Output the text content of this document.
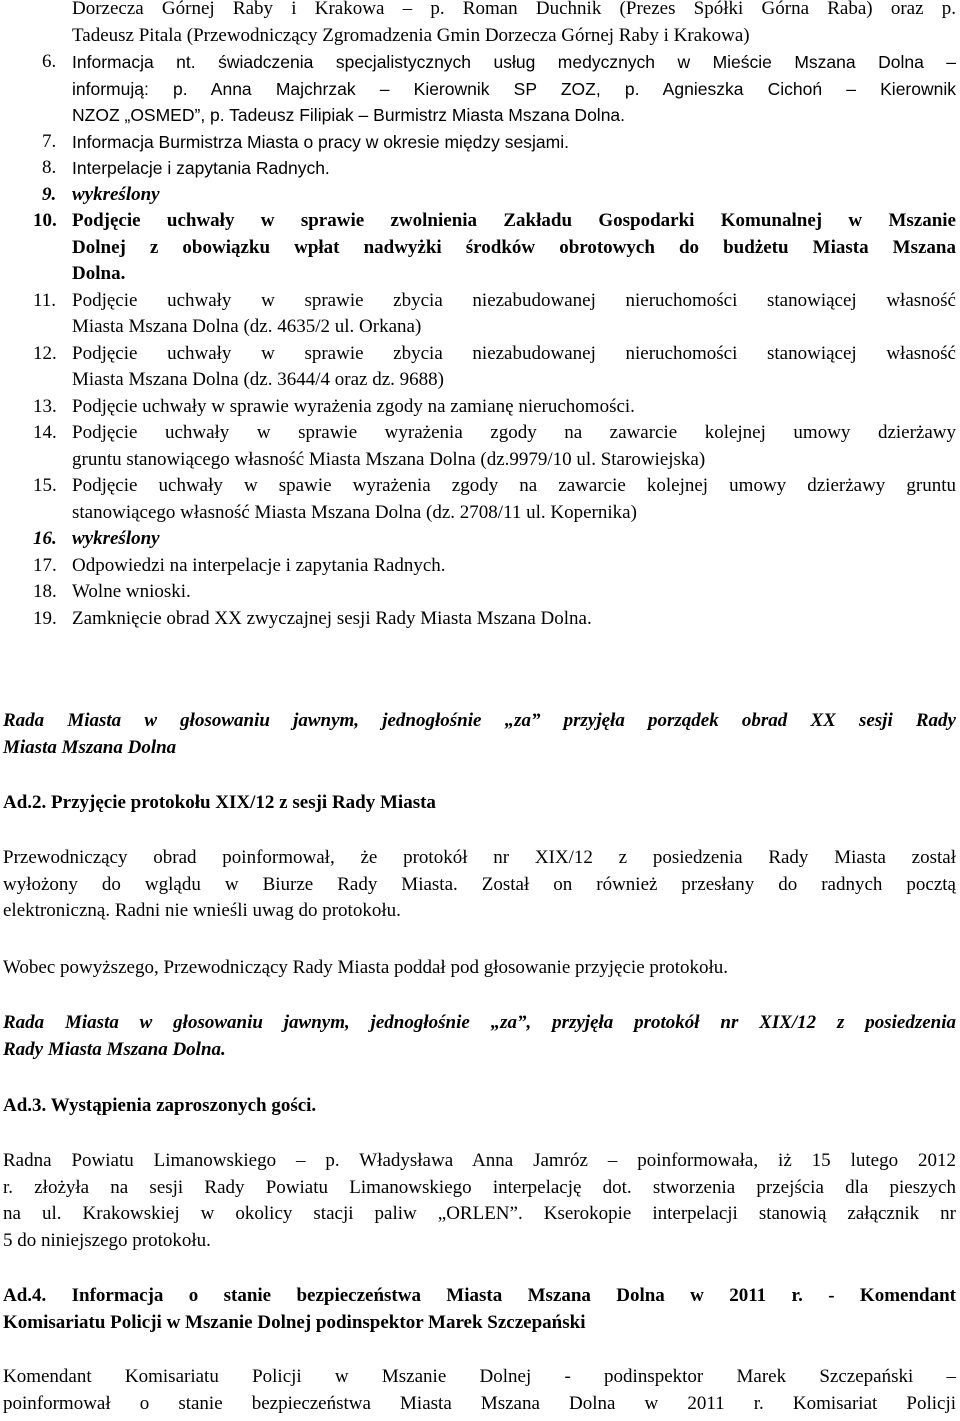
Dorzecza Górnej Raby i Krakowa – p. Roman Duchnik (Prezes Spółki Górna Raba) oraz p.
Tadeusz Pitala (Przewodniczący Zgromadzenia Gmin Dorzecza Górnej Raby i Krakowa)
6. Informacja nt. świadczenia specjalistycznych usług medycznych w Mieście Mszana Dolna –
informują: p. Anna Majchrzak – Kierownik SP ZOZ, p. Agnieszka Cichoń – Kierownik
NZOZ „OSMED”, p. Tadeusz Filipiak – Burmistrz Miasta Mszana Dolna.
7. Informacja Burmistrza Miasta o pracy w okresie między sesjami.
8. Interpelacje i zapytania Radnych.
9. wykreślony
10. Podjęcie uchwały w sprawie zwolnienia Zakładu Gospodarki Komunalnej w Mszanie
Dolnej z obowiązku wpłat nadwyżki środków obrotowych do budżetu Miasta Mszana
Dolna.
11. Podjęcie uchwały w sprawie zbycia niezabudowanej nieruchomości stanowiącej własność
Miasta Mszana Dolna (dz. 4635/2 ul. Orkana)
12. Podjęcie uchwały w sprawie zbycia niezabudowanej nieruchomości stanowiącej własność
Miasta Mszana Dolna (dz. 3644/4 oraz dz. 9688)
13. Podjęcie uchwały w sprawie wyrażenia zgody na zamianę nieruchomości.
14. Podjęcie uchwały w sprawie wyrażenia zgody na zawarcie kolejnej umowy dzierżawy
gruntu stanowiącego własność Miasta Mszana Dolna (dz.9979/10 ul. Starowiejska)
15. Podjęcie uchwały w spawie wyrażenia zgody na zawarcie kolejnej umowy dzierżawy gruntu
stanowiącego własność Miasta Mszana Dolna (dz. 2708/11 ul. Kopernika)
16. wykreślony
17. Odpowiedzi na interpelacje i zapytania Radnych.
18. Wolne wnioski.
19. Zamknięcie obrad XX zwyczajnej sesji Rady Miasta Mszana Dolna.

Rada Miasta w głosowaniu jawnym, jednogłośnie „za” przyjęła porządek obrad XX sesji Rady

Miasta Mszana Dolna

Ad.2. Przyjęcie protokołu XIX/12 z sesji Rady Miasta

Przewodniczący obrad poinformował, że protokół nr XIX/12 z posiedzenia Rady Miasta został

wyłożony do wglądu w Biurze Rady Miasta. Został on również przesłany do radnych pocztą

elektroniczną. Radni nie wnieśli uwag do protokołu.

Wobec powyższego, Przewodniczący Rady Miasta poddał pod głosowanie przyjęcie protokołu.

Rada Miasta w głosowaniu jawnym, jednogłośnie „za”, przyjęła protokół nr XIX/12 z posiedzenia

Rady Miasta Mszana Dolna.

Ad.3. Wystąpienia zaproszonych gości.

Radna Powiatu Limanowskiego – p. Władysława Anna Jamróz – poinformowała, iż 15 lutego 2012

r. złożyła na sesji Rady Powiatu Limanowskiego interpelację dot. stworzenia przejścia dla pieszych

na ul. Krakowskiej w okolicy stacji paliw „ORLEN”. Kserokopie interpelacji stanowią załącznik nr

5 do niniejszego protokołu.

Ad.4. Informacja o stanie bezpieczeństwa Miasta Mszana Dolna w 2011 r. - Komendant

Komisariatu Policji w Mszanie Dolnej podinspektor Marek Szczepański

Komendant Komisariatu Policji w Mszanie Dolnej - podinspektor Marek Szczepański –

poinformował o stanie bezpieczeństwa Miasta Mszana Dolna w 2011 r. Komisariat Policji
